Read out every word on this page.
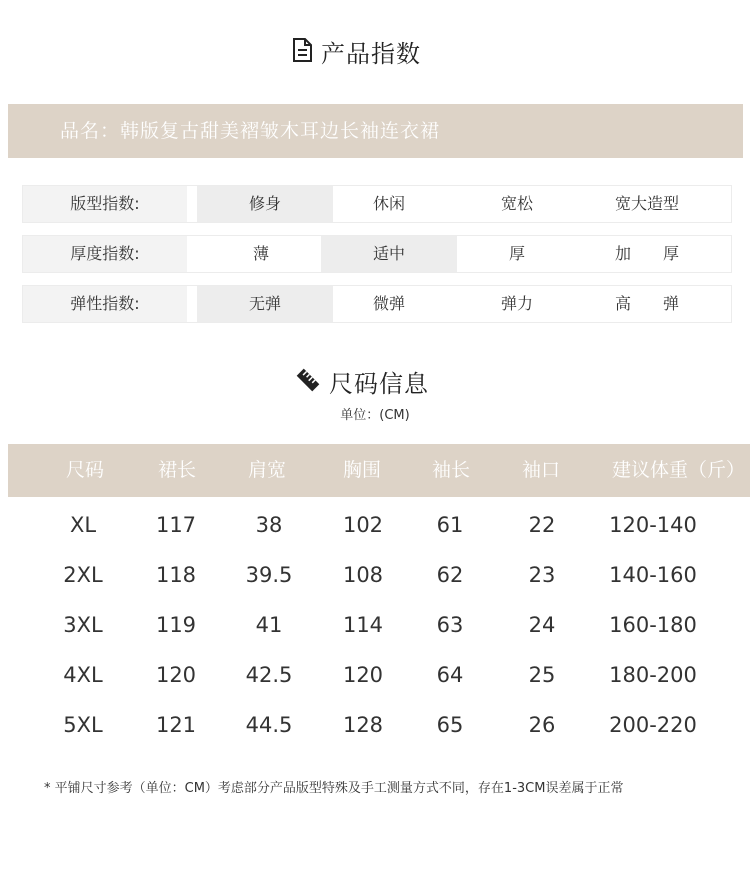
产品指数
品名：韩版复古甜美褶皱木耳边长袖连衣裙
版型指数:	修身	休闲	宽松	宽大造型
厚度指数:	薄	适中	厚	加　　厚
弹性指数:	无弹	微弹	弹力	高　　弹
尺码信息
单位：(CM)
尺码	裙长	肩宽	胸围	袖长	袖口	建议体重（斤）
XL	117	38	102	61	22	120-140
2XL	118	39.5	108	62	23	140-160
3XL	119	41	114	63	24	160-180
4XL	120	42.5	120	64	25	180-200
5XL	121	44.5	128	65	26	200-220
* 平铺尺寸参考（单位：CM）考虑部分产品版型特殊及手工测量方式不同，存在1-3CM误差属于正常
